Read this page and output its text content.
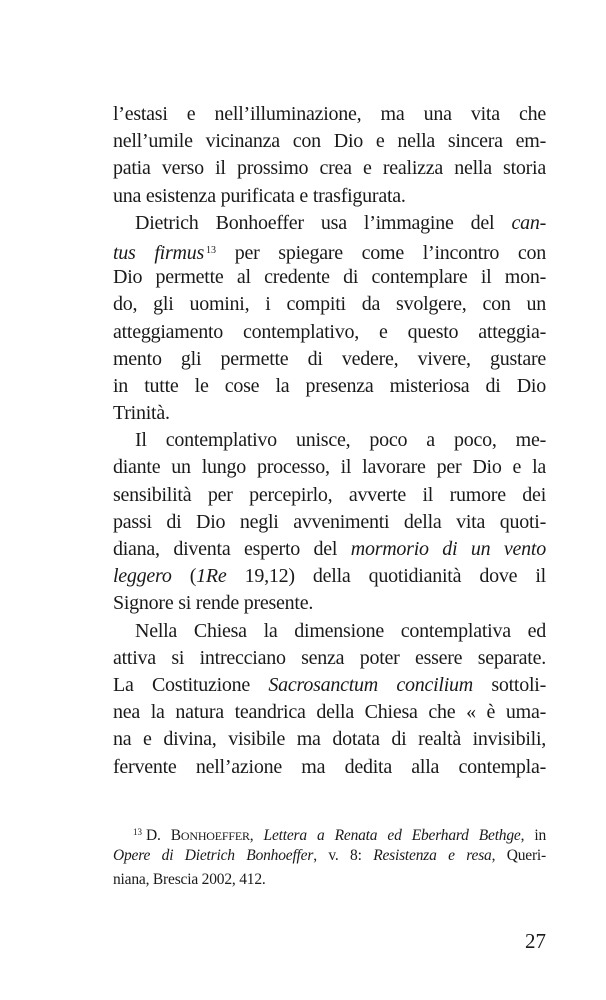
l’estasi e nell’illuminazione, ma una vita che
nell’umile vicinanza con Dio e nella sincera em-
patia verso il prossimo crea e realizza nella storia
una esistenza purificata e trasfigurata.
Dietrich Bonhoeffer usa l’immagine del can-
tus firmus $^{13}$ per spiegare come l’incontro con
Dio permette al credente di contemplare il mon-
do, gli uomini, i compiti da svolgere, con un
atteggiamento contemplativo, e questo atteggia-
mento gli permette di vedere, vivere, gustare
in tutte le cose la presenza misteriosa di Dio
Trinità.
Il contemplativo unisce, poco a poco, me-
diante un lungo processo, il lavorare per Dio e la
sensibilità per percepirlo, avverte il rumore dei
passi di Dio negli avvenimenti della vita quoti-
diana, diventa esperto del mormorio di un vento
leggero (1Re 19,12) della quotidianità dove il
Signore si rende presente.
Nella Chiesa la dimensione contemplativa ed
attiva si intrecciano senza poter essere separate.
La Costituzione Sacrosanctum concilium sottoli-
nea la natura teandrica della Chiesa che « è uma-
na e divina, visibile ma dotata di realtà invisibili,
fervente nell’azione ma dedita alla contempla-
$^{13}$ D. BONHOEFFER, Lettera a Renata ed Eberhard Bethge, in
Opere di Dietrich Bonhoeffer, v. 8: Resistenza e resa, Queri-
niana, Brescia 2002, 412.
27
